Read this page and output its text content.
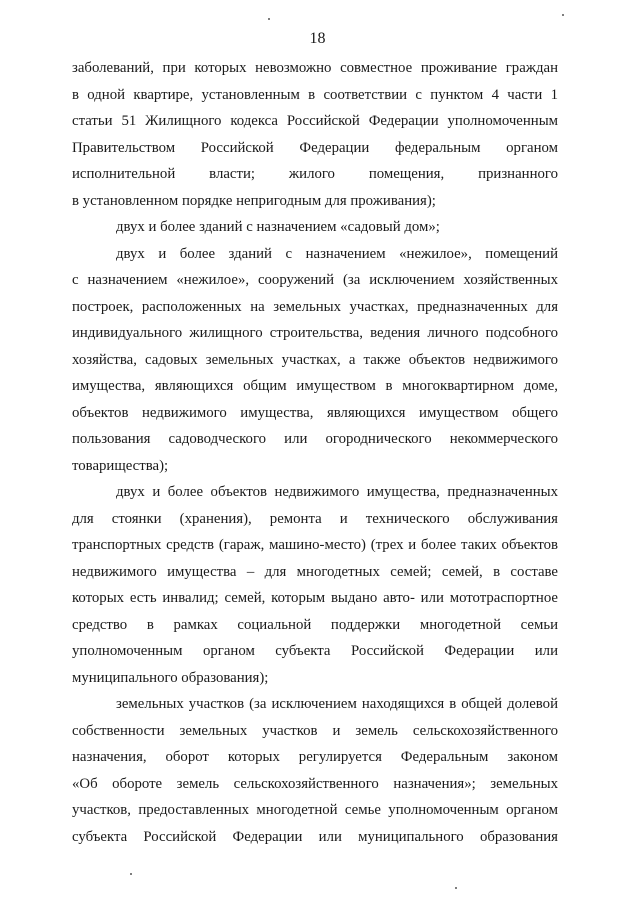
18
заболеваний, при которых невозможно совместное проживание граждан
в одной квартире, установленным в соответствии с пунктом 4 части 1
статьи 51 Жилищного кодекса Российской Федерации уполномоченным
Правительством Российской Федерации федеральным органом
исполнительной власти; жилого помещения, признанного
в установленном порядке непригодным для проживания);
двух и более зданий с назначением «садовый дом»;
двух и более зданий с назначением «нежилое», помещений
с назначением «нежилое», сооружений (за исключением хозяйственных
построек, расположенных на земельных участках, предназначенных для
индивидуального жилищного строительства, ведения личного подсобного
хозяйства, садовых земельных участках, а также объектов недвижимого
имущества, являющихся общим имуществом в многоквартирном доме,
объектов недвижимого имущества, являющихся имуществом общего
пользования садоводческого или огороднического некоммерческого
товарищества);
двух и более объектов недвижимого имущества, предназначенных
для стоянки (хранения), ремонта и технического обслуживания
транспортных средств (гараж, машино-место) (трех и более таких объектов
недвижимого имущества – для многодетных семей; семей, в составе
которых есть инвалид; семей, которым выдано авто- или мототраспортное
средство в рамках социальной поддержки многодетной семьи
уполномоченным органом субъекта Российской Федерации или
муниципального образования);
земельных участков (за исключением находящихся в общей долевой
собственности земельных участков и земель сельскохозяйственного
назначения, оборот которых регулируется Федеральным законом
«Об обороте земель сельскохозяйственного назначения»; земельных
участков, предоставленных многодетной семье уполномоченным органом
субъекта Российской Федерации или муниципального образования
